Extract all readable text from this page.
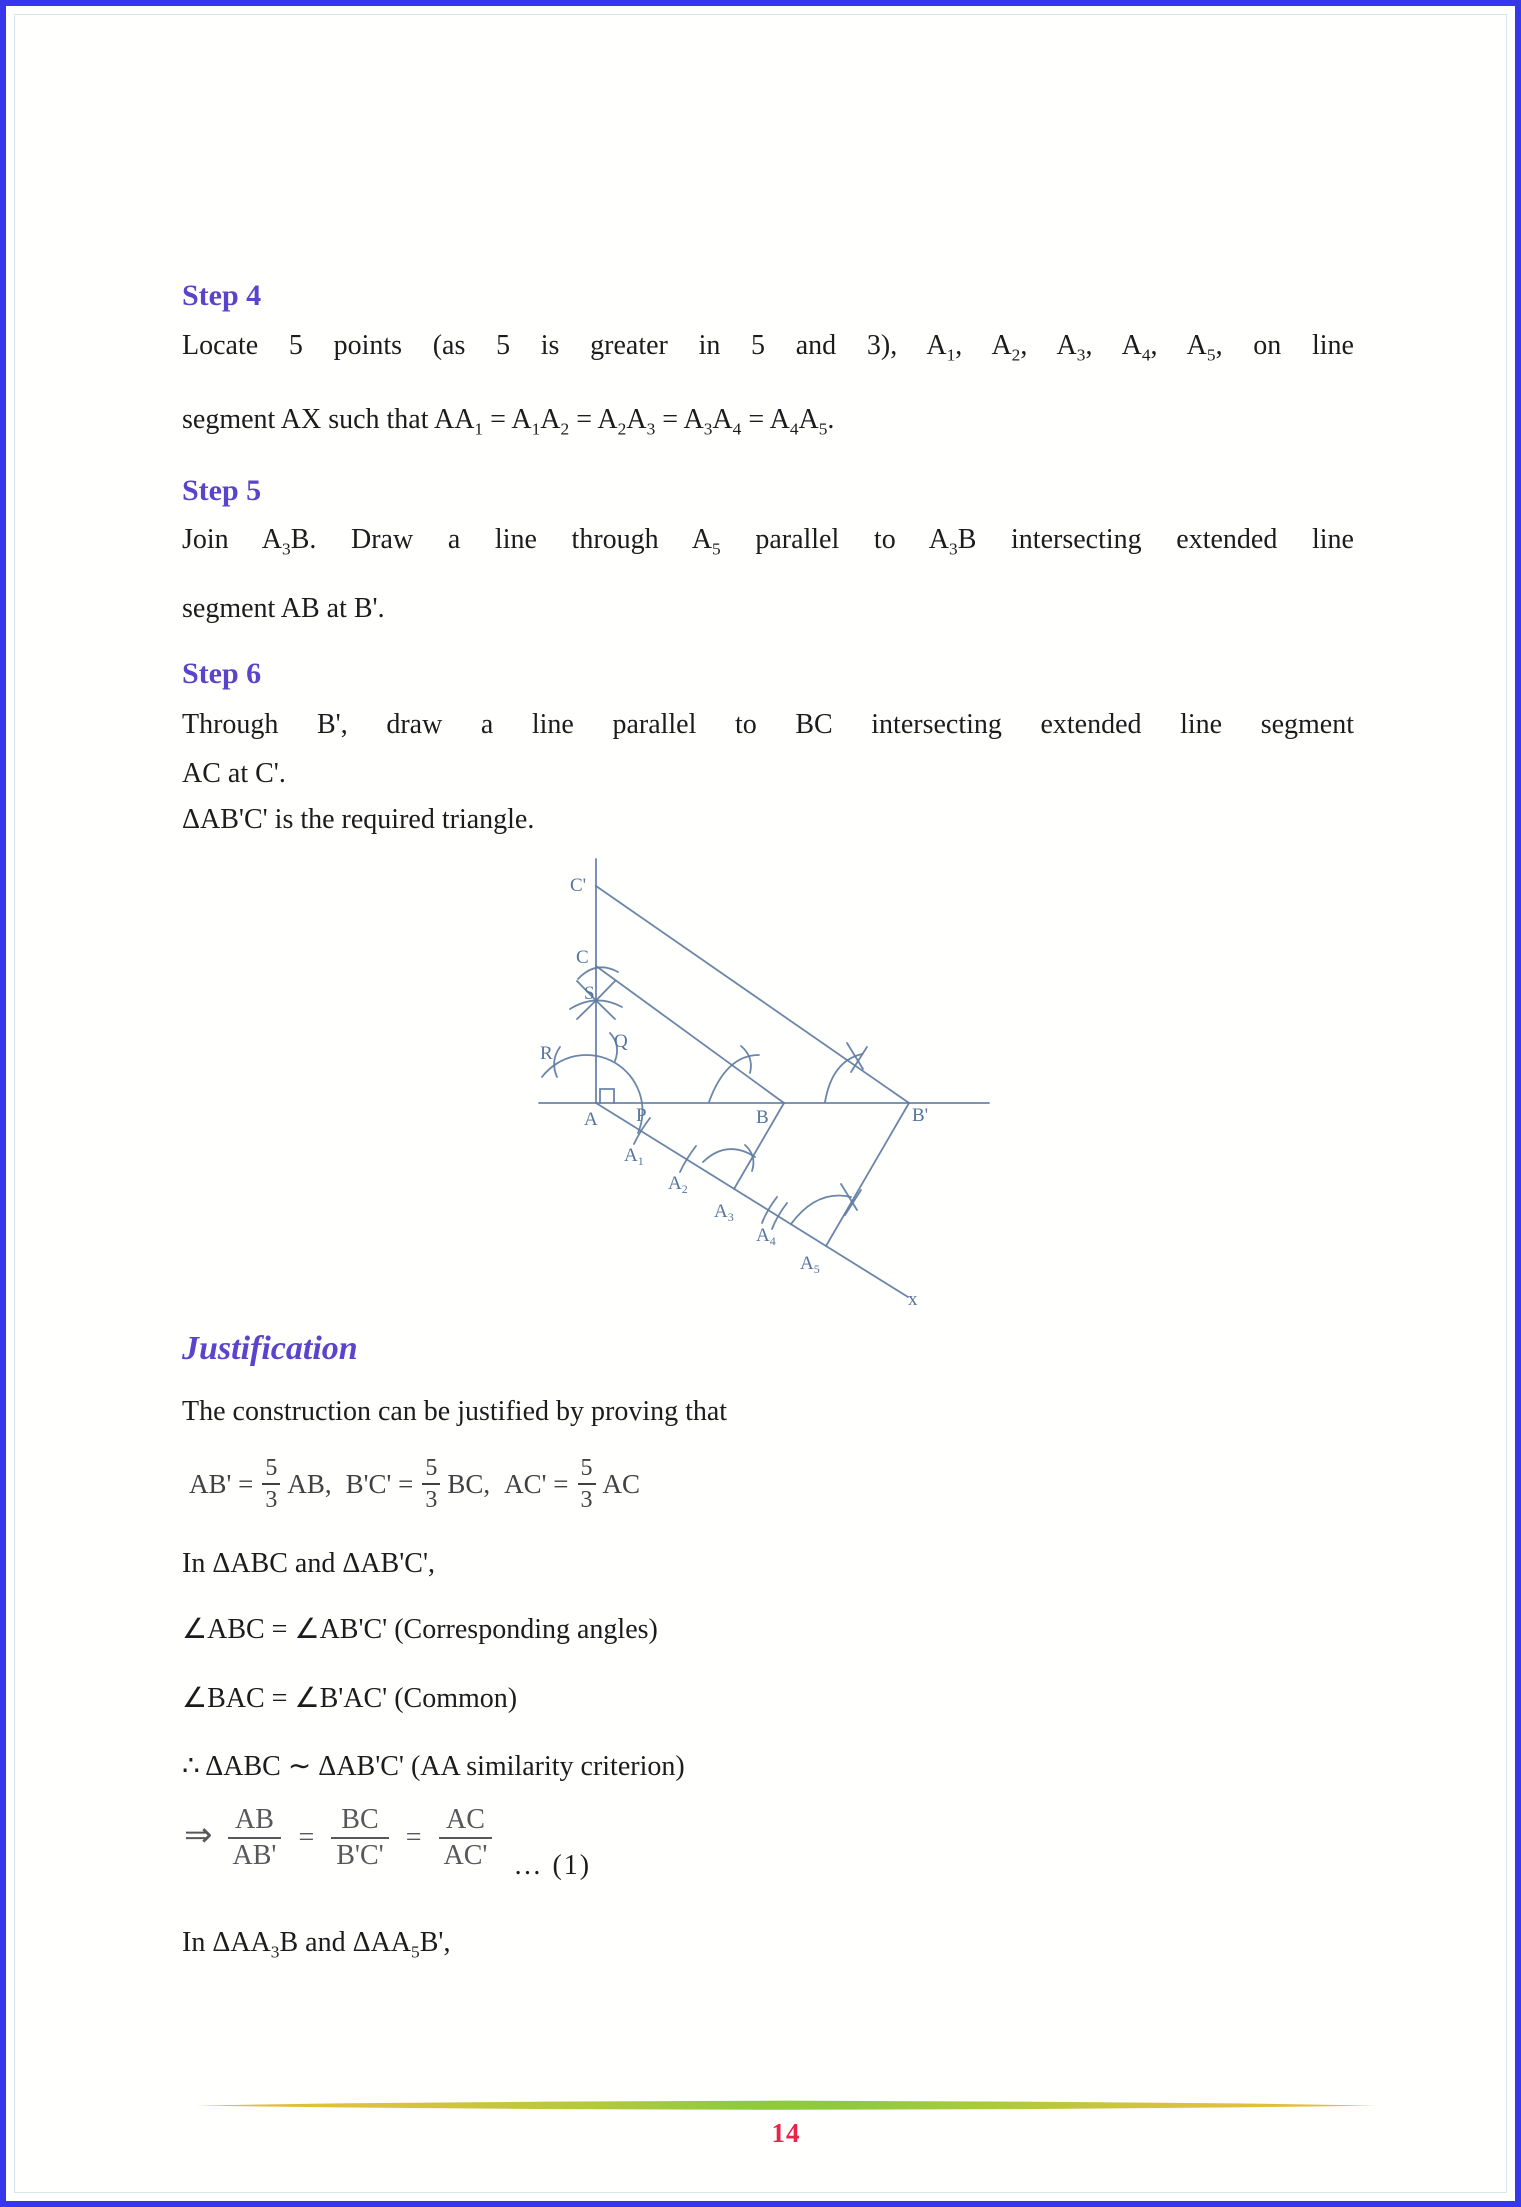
Step 4
Locate 5 points (as 5 is greater in 5 and 3), $A_1$, $A_2$, $A_3$, $A_4$, $A_5$, on line
segment AX such that $AA_1 = A_1A_2 = A_2A_3 = A_3A_4 = A_4A_5$.
Step 5
Join $A_3B$. Draw a line through $A_5$ parallel to $A_3B$ intersecting extended line
segment AB at B'.
Step 6
Through B', draw a line parallel to BC intersecting extended line segment
AC at C'.
ΔAB'C' is the required triangle.
C'
C
S
Q
R
A P	B	B'
$A_1$
$A_2$
$A_3$
$A_4$
$A_5$
x
Justification
The construction can be justified by proving that
$AB' = \frac{5}{3}$ AB, $B'C' = \frac{5}{3}$ BC, $AC' = \frac{5}{3}$ AC
In ΔABC and ΔAB'C',
∠ABC = ∠AB'C' (Corresponding angles)
∠BAC = ∠B'AC' (Common)
∴ ΔABC ∼ ΔAB'C' (AA similarity criterion)
⇒ $\frac{AB}{AB'} = \frac{BC}{B'C'} = \frac{AC}{AC'}$ … (1)
In $\Delta AA_3B$ and $\Delta AA_5B'$,
14
